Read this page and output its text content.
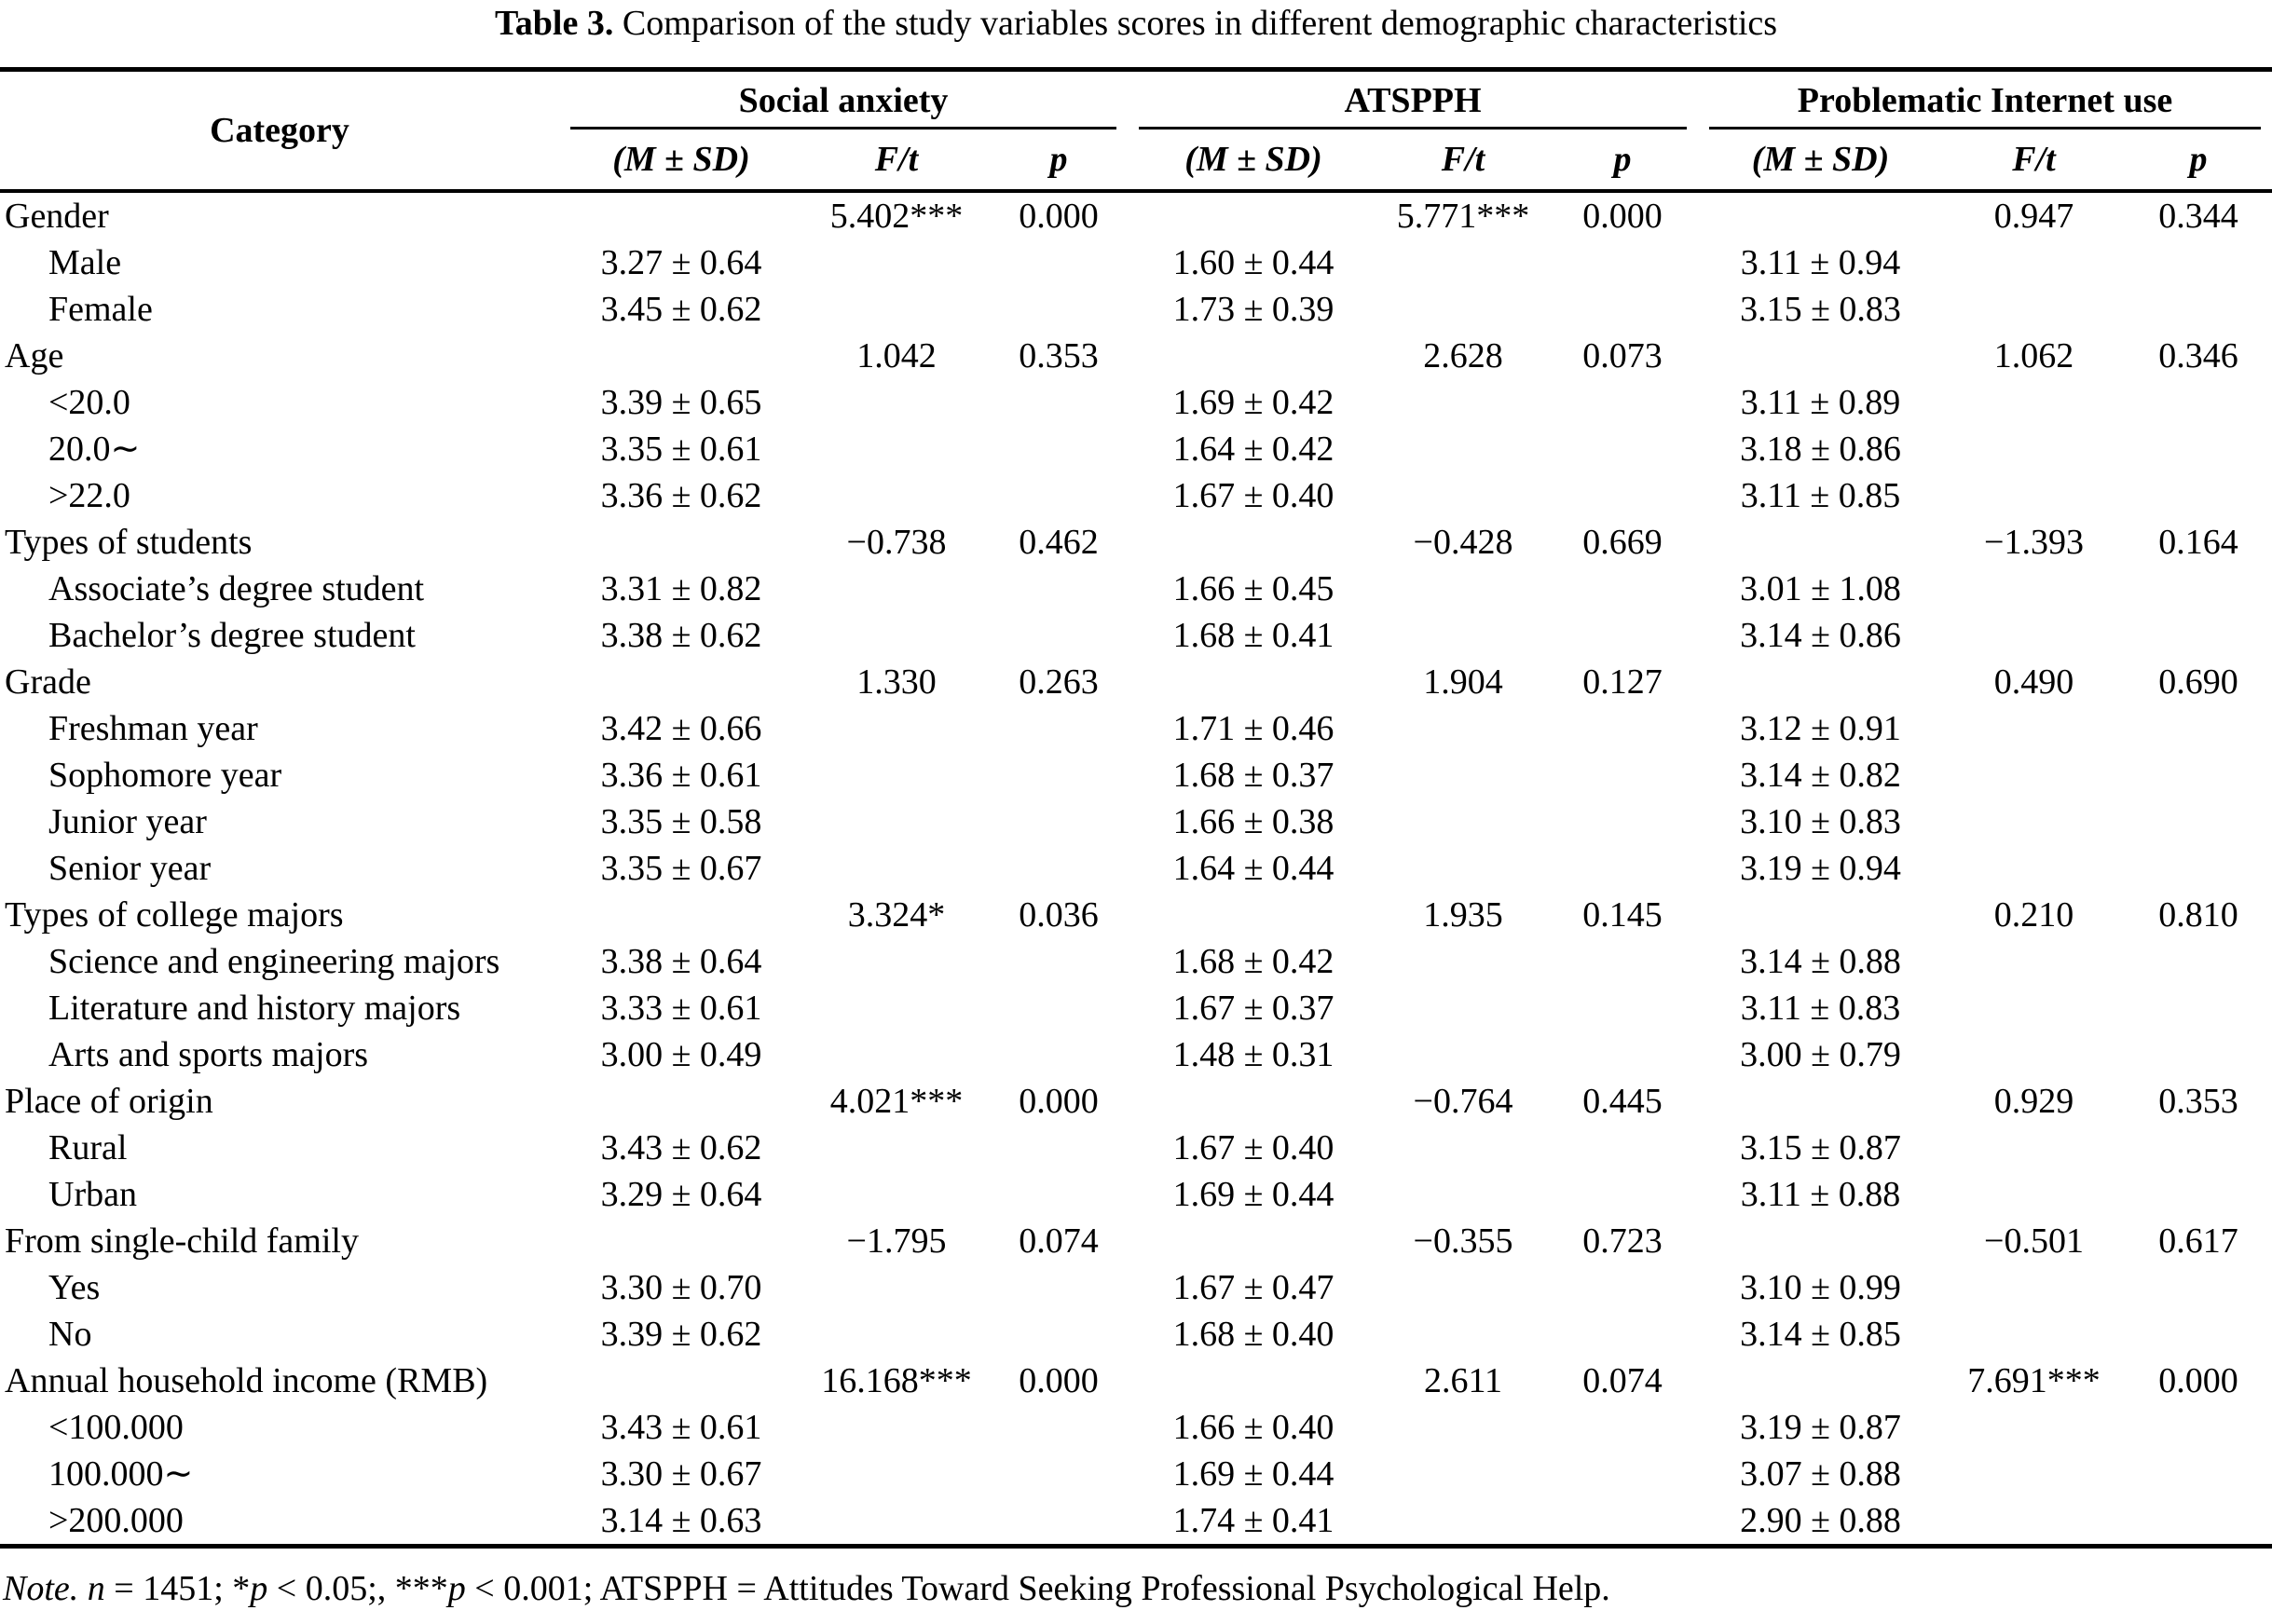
Table 3. Comparison of the study variables scores in different demographic characteristics
Category	Social anxiety			ATSPPH			Problematic Internet use		

	(M ± SD)	F/t	p	(M ± SD)	F/t	p	(M ± SD)	F/t	p
Gender		5.402***	0.000		5.771***	0.000		0.947	0.344
Male	3.27 ± 0.64			1.60 ± 0.44			3.11 ± 0.94		
Female	3.45 ± 0.62			1.73 ± 0.39			3.15 ± 0.83		
Age		1.042	0.353		2.628	0.073		1.062	0.346
<20.0	3.39 ± 0.65			1.69 ± 0.42			3.11 ± 0.89		
20.0∼	3.35 ± 0.61			1.64 ± 0.42			3.18 ± 0.86		
>22.0	3.36 ± 0.62			1.67 ± 0.40			3.11 ± 0.85		
Types of students		−0.738	0.462		−0.428	0.669		−1.393	0.164
Associate’s degree student	3.31 ± 0.82			1.66 ± 0.45			3.01 ± 1.08		
Bachelor’s degree student	3.38 ± 0.62			1.68 ± 0.41			3.14 ± 0.86		
Grade		1.330	0.263		1.904	0.127		0.490	0.690
Freshman year	3.42 ± 0.66			1.71 ± 0.46			3.12 ± 0.91		
Sophomore year	3.36 ± 0.61			1.68 ± 0.37			3.14 ± 0.82		
Junior year	3.35 ± 0.58			1.66 ± 0.38			3.10 ± 0.83		
Senior year	3.35 ± 0.67			1.64 ± 0.44			3.19 ± 0.94		
Types of college majors		3.324*	0.036		1.935	0.145		0.210	0.810
Science and engineering majors	3.38 ± 0.64			1.68 ± 0.42			3.14 ± 0.88		
Literature and history majors	3.33 ± 0.61			1.67 ± 0.37			3.11 ± 0.83		
Arts and sports majors	3.00 ± 0.49			1.48 ± 0.31			3.00 ± 0.79		
Place of origin		4.021***	0.000		−0.764	0.445		0.929	0.353
Rural	3.43 ± 0.62			1.67 ± 0.40			3.15 ± 0.87		
Urban	3.29 ± 0.64			1.69 ± 0.44			3.11 ± 0.88		
From single-child family		−1.795	0.074		−0.355	0.723		−0.501	0.617
Yes	3.30 ± 0.70			1.67 ± 0.47			3.10 ± 0.99		
No	3.39 ± 0.62			1.68 ± 0.40			3.14 ± 0.85		
Annual household income (RMB)		16.168***	0.000		2.611	0.074		7.691***	0.000
<100.000	3.43 ± 0.61			1.66 ± 0.40			3.19 ± 0.87		
100.000∼	3.30 ± 0.67			1.69 ± 0.44			3.07 ± 0.88		
>200.000	3.14 ± 0.63			1.74 ± 0.41			2.90 ± 0.88		
Note. n = 1451; *p < 0.05;, ***p < 0.001; ATSPPH = Attitudes Toward Seeking Professional Psychological Help.
